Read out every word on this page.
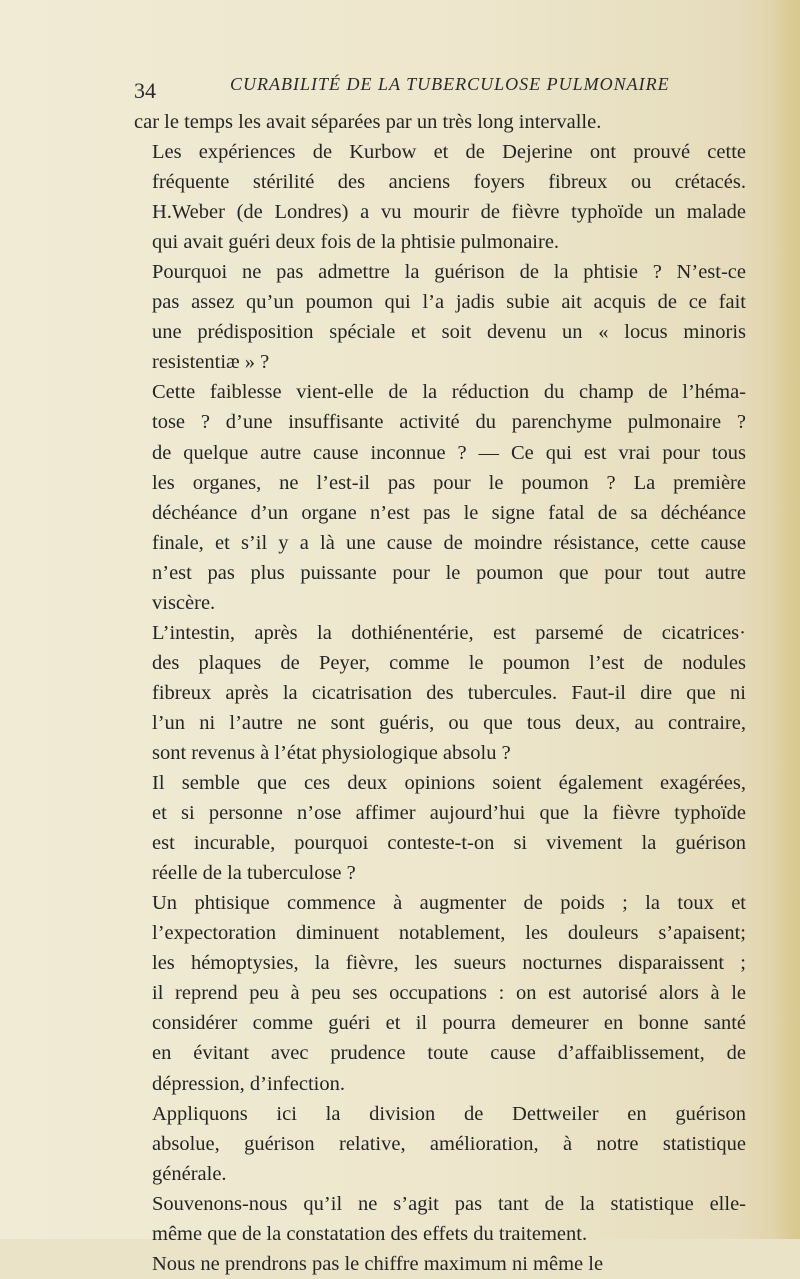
34	CURABILITÉ DE LA TUBERCULOSE PULMONAIRE

car le temps les avait séparées par un très long intervalle.

Les expériences de Kurbow et de Dejerine ont prouvé cette
fréquente stérilité des anciens foyers fibreux ou crétacés.
H.Weber (de Londres) a vu mourir de fièvre typhoïde un malade
qui avait guéri deux fois de la phtisie pulmonaire.

Pourquoi ne pas admettre la guérison de la phtisie ? N’est-ce
pas assez qu’un poumon qui l’a jadis subie ait acquis de ce fait
une prédisposition spéciale et soit devenu un « locus minoris
resistentiæ » ?

Cette faiblesse vient-elle de la réduction du champ de l’héma-
tose ? d’une insuffisante activité du parenchyme pulmonaire ?
de quelque autre cause inconnue ? — Ce qui est vrai pour tous
les organes, ne l’est-il pas pour le poumon ? La première
déchéance d’un organe n’est pas le signe fatal de sa déchéance
finale, et s’il y a là une cause de moindre résistance, cette cause
n’est pas plus puissante pour le poumon que pour tout autre
viscère.

L’intestin, après la dothiénentérie, est parsemé de cicatrices·
des plaques de Peyer, comme le poumon l’est de nodules
fibreux après la cicatrisation des tubercules. Faut-il dire que ni
l’un ni l’autre ne sont guéris, ou que tous deux, au contraire,
sont revenus à l’état physiologique absolu ?

Il semble que ces deux opinions soient également exagérées,
et si personne n’ose affimer aujourd’hui que la fièvre typhoïde
est incurable, pourquoi conteste-t-on si vivement la guérison
réelle de la tuberculose ?

Un phtisique commence à augmenter de poids ; la toux et
l’expectoration diminuent notablement, les douleurs s’apaisent;
les hémoptysies, la fièvre, les sueurs nocturnes disparaissent ;
il reprend peu à peu ses occupations : on est autorisé alors à le
considérer comme guéri et il pourra demeurer en bonne santé
en évitant avec prudence toute cause d’affaiblissement, de
dépression, d’infection.

Appliquons ici la division de Dettweiler en guérison
absolue, guérison relative, amélioration, à notre statistique
générale.

Souvenons-nous qu’il ne s’agit pas tant de la statistique elle-
même que de la constatation des effets du traitement.

Nous ne prendrons pas le chiffre maximum ni même le
